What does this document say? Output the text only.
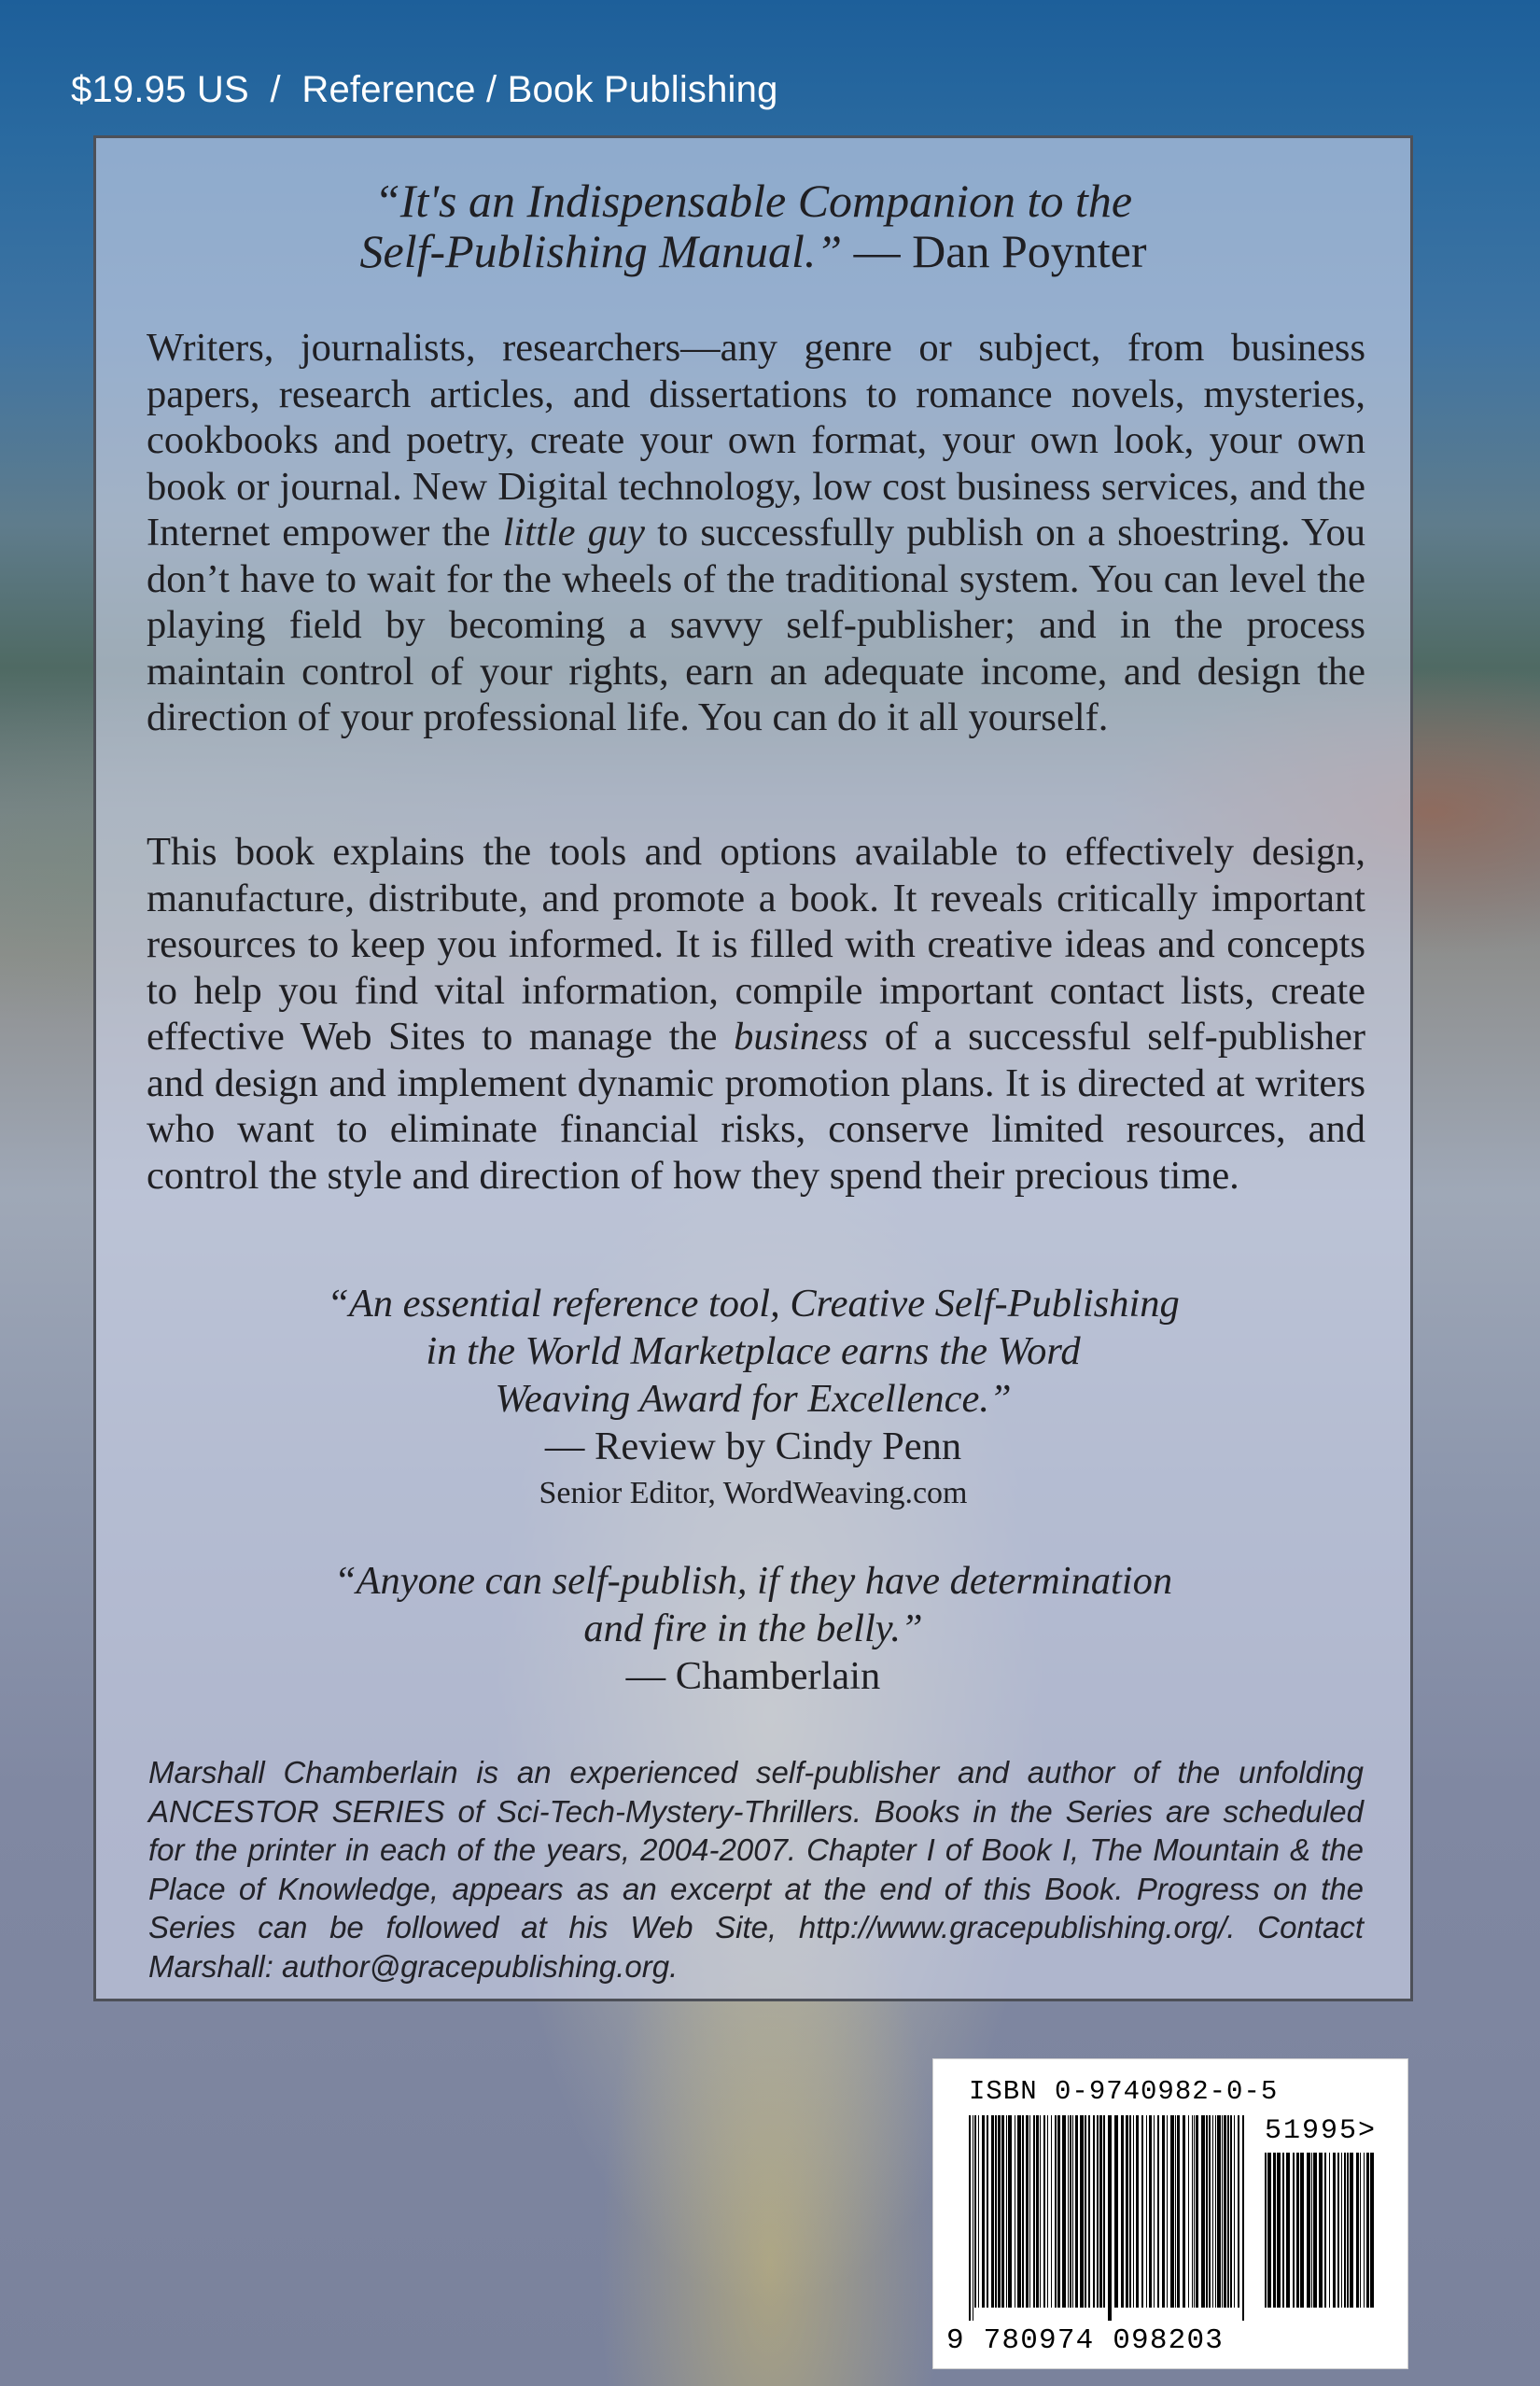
$19.95 US  /  Reference / Book Publishing
“It's an Indispensable Companion to the
Self-Publishing Manual.” — Dan Poynter
Writers, journalists, researchers—any genre or subject, from business papers, research articles, and dissertations to romance novels, mysteries, cookbooks and poetry, create your own format, your own look, your own book or journal. New Digital technology, low cost business services, and the Internet empower the little guy to successfully publish on a shoestring. You don’t have to wait for the wheels of the traditional system. You can level the playing field by becoming a savvy self-publisher; and in the process maintain control of your rights, earn an adequate income, and design the direction of your professional life. You can do it all yourself.
This book explains the tools and options available to effectively design, manufacture, distribute, and promote a book. It reveals critically important resources to keep you informed. It is filled with creative ideas and concepts to help you find vital information, compile important contact lists, create effective Web Sites to manage the business of a successful self-publisher and design and implement dynamic promotion plans. It is directed at writers who want to eliminate financial risks, conserve limited resources, and control the style and direction of how they spend their precious time.
“An essential reference tool, Creative Self-Publishing
in the World Marketplace earns the Word
Weaving Award for Excellence.”
— Review by Cindy Penn
Senior Editor, WordWeaving.com
“Anyone can self-publish, if they have determination
and fire in the belly.”
— Chamberlain
Marshall Chamberlain is an experienced self-publisher and author of the unfolding ANCESTOR SERIES of Sci-Tech-Mystery-Thrillers. Books in the Series are scheduled for the printer in each of the years, 2004-2007. Chapter I of Book I, The Mountain & the Place of Knowledge, appears as an excerpt at the end of this Book. Progress on the Series can be followed at his Web Site, http://www.gracepublishing.org/. Contact Marshall: author@gracepublishing.org.
ISBN 0-9740982-0-5
51995>
9 780974 098203
